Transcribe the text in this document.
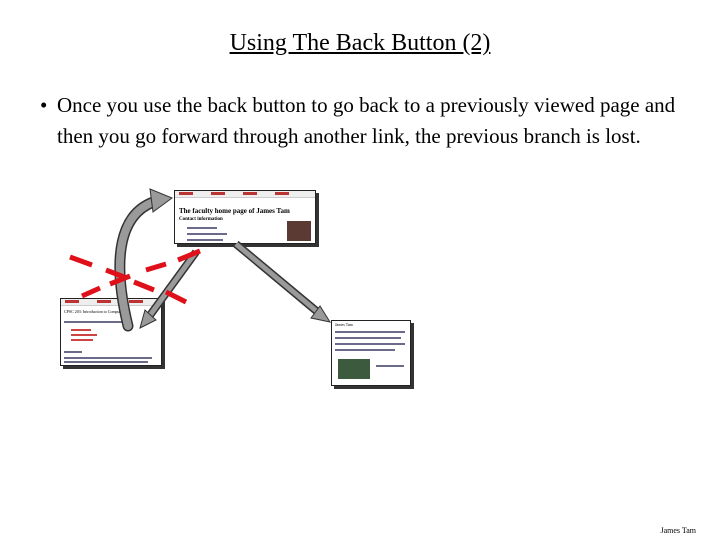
Using The Back Button (2)
• Once you use the back button to go back to a previously viewed page and then you go forward through another link, the previous branch is lost.
The faculty home page of James Tam
Contact information
CPSC 203: Introduction to Computers
James Tam
James Tam
